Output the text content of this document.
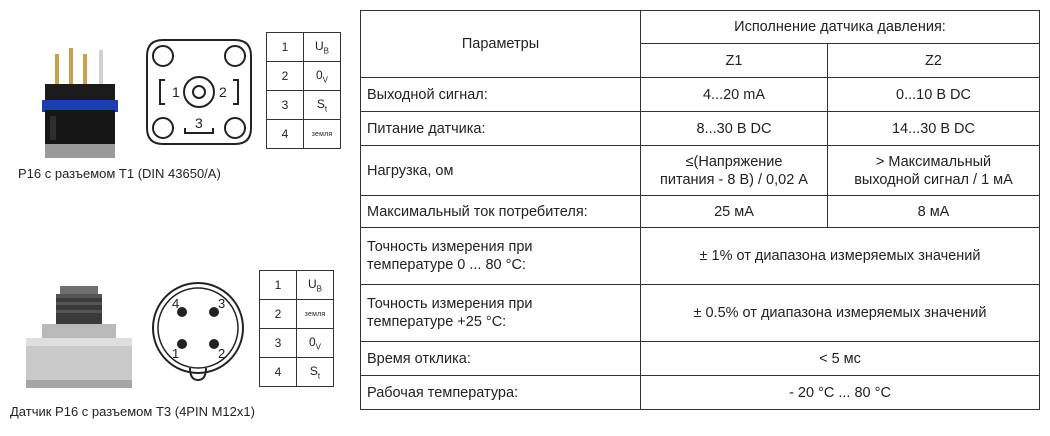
1	2
3
1	$U_B$
2	$0_V$
3	$S_t$
4	земля
P16 с разъемом T1 (DIN 43650/A)
4	3
1	2
1	$U_B$
2	земля
3	$0_V$
4	$S_t$
Датчик P16 с разъемом T3 (4PIN M12x1)
Параметры	Исполнение датчика давления:	
	Z1	Z2
Выходной сигнал:	4...20 mA	0...10 В DC
Питание датчика:	8...30 В DC	14...30 В DC
Нагрузка, ом	≤(Напряжение
питания - 8 В) / 0,02 А	> Максимальный
выходной сигнал / 1 мА
Максимальный ток потребителя:	25 мА	8 мА
Точность измерения при
температуре 0 ... 80 °C:	± 1% от диапазона измеряемых значений	
Точность измерения при
температуре +25 °C:	± 0.5% от диапазона измеряемых значений	
Время отклика:	< 5 мс	
Рабочая температура:	- 20 °C ... 80 °C	
